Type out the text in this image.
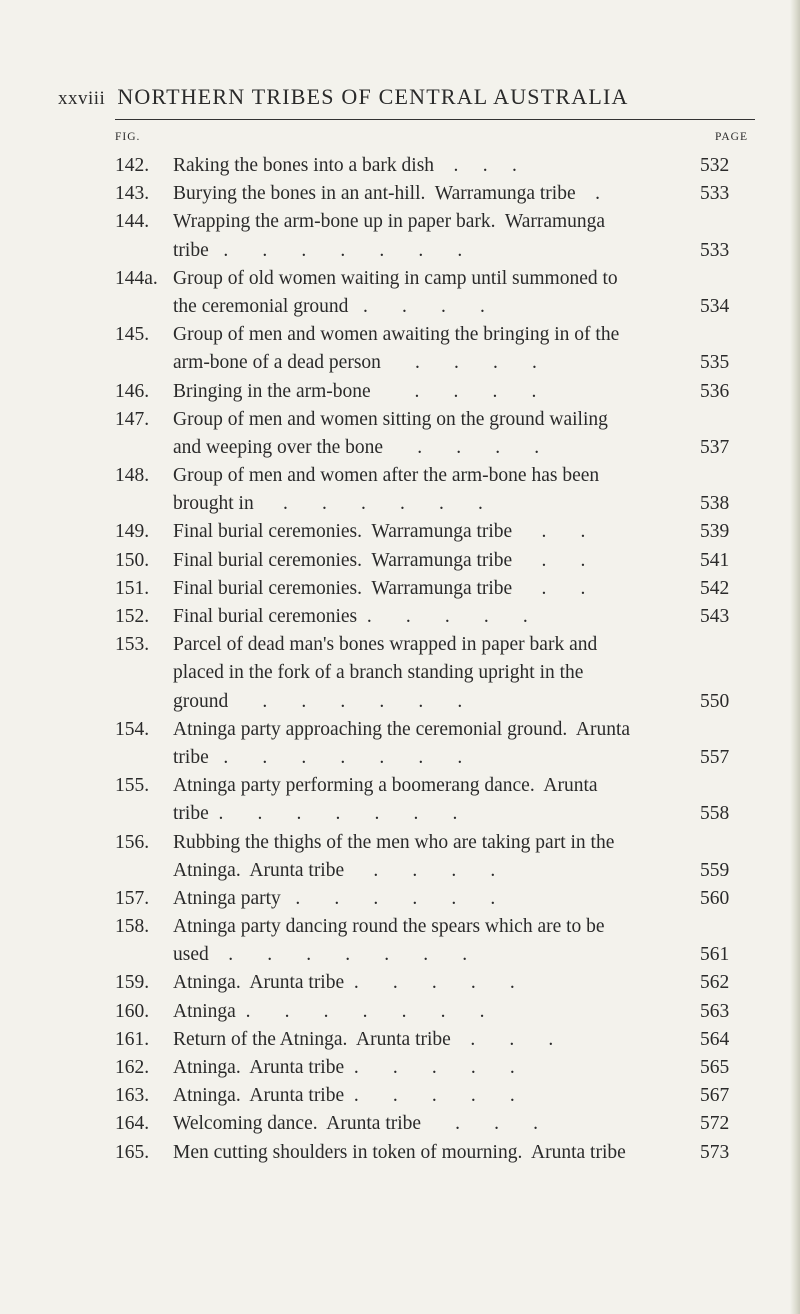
xxviii NORTHERN TRIBES OF CENTRAL AUSTRALIA
FIG.	PAGE
142.	Raking the bones into a bark dish    .     .     .	532
143.	Burying the bones in an ant-hill.  Warramunga tribe    .	533
144.	Wrapping the arm-bone up in paper bark.  Warramunga
tribe   .       .       .       .       .       .       .	533
144a. Group of old women waiting in camp until summoned to
the ceremonial ground   .       .       .       .	534
145.	Group of men and women awaiting the bringing in of the
arm-bone of a dead person       .       .       .       .	535
146.	Bringing in the arm-bone         .       .       .       .	536
147.	Group of men and women sitting on the ground wailing
and weeping over the bone       .       .       .       .	537
148.	Group of men and women after the arm-bone has been
brought in      .       .       .       .       .       .	538
149.	Final burial ceremonies.  Warramunga tribe      .       .	539
150.	Final burial ceremonies.  Warramunga tribe      .       .	541
151.	Final burial ceremonies.  Warramunga tribe      .       .	542
152.	Final burial ceremonies  .       .       .       .       .	543
153.	Parcel of dead man's bones wrapped in paper bark and
placed in the fork of a branch standing upright in the
ground       .       .       .       .       .       .	550
154.	Atninga party approaching the ceremonial ground.  Arunta
tribe   .       .       .       .       .       .       .	557
155.	Atninga party performing a boomerang dance.  Arunta
tribe  .       .       .       .       .       .       .	558
156.	Rubbing the thighs of the men who are taking part in the
Atninga.  Arunta tribe      .       .       .       .	559
157.	Atninga party   .       .       .       .       .       .	560
158.	Atninga party dancing round the spears which are to be
used    .       .       .       .       .       .       .	561
159.	Atninga.  Arunta tribe  .       .       .       .       .	562
160.	Atninga  .       .       .       .       .       .       .	563
161.	Return of the Atninga.  Arunta tribe    .       .       .	564
162.	Atninga.  Arunta tribe  .       .       .       .       .	565
163.	Atninga.  Arunta tribe  .       .       .       .       .	567
164.	Welcoming dance.  Arunta tribe       .       .       .	572
165.	Men cutting shoulders in token of mourning.  Arunta tribe	573
